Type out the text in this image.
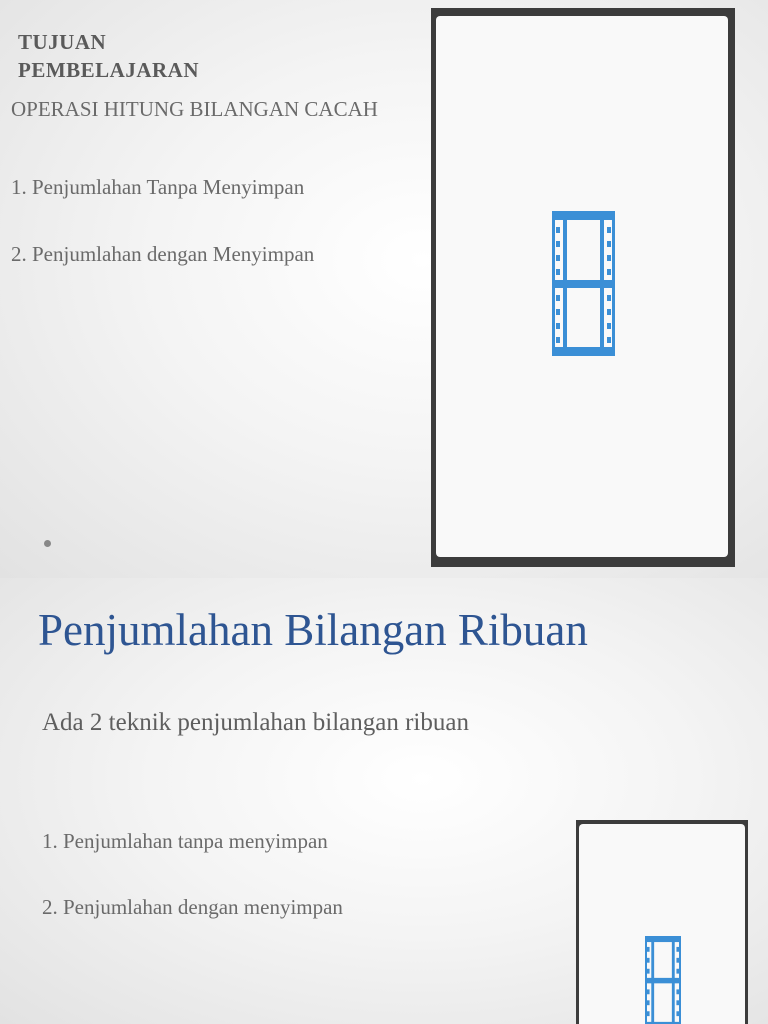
TUJUAN PEMBELAJARAN
OPERASI HITUNG BILANGAN CACAH
1. Penjumlahan Tanpa Menyimpan
2. Penjumlahan dengan Menyimpan
Penjumlahan Bilangan Ribuan
Ada 2 teknik penjumlahan bilangan ribuan
1. Penjumlahan tanpa menyimpan
2. Penjumlahan dengan menyimpan
